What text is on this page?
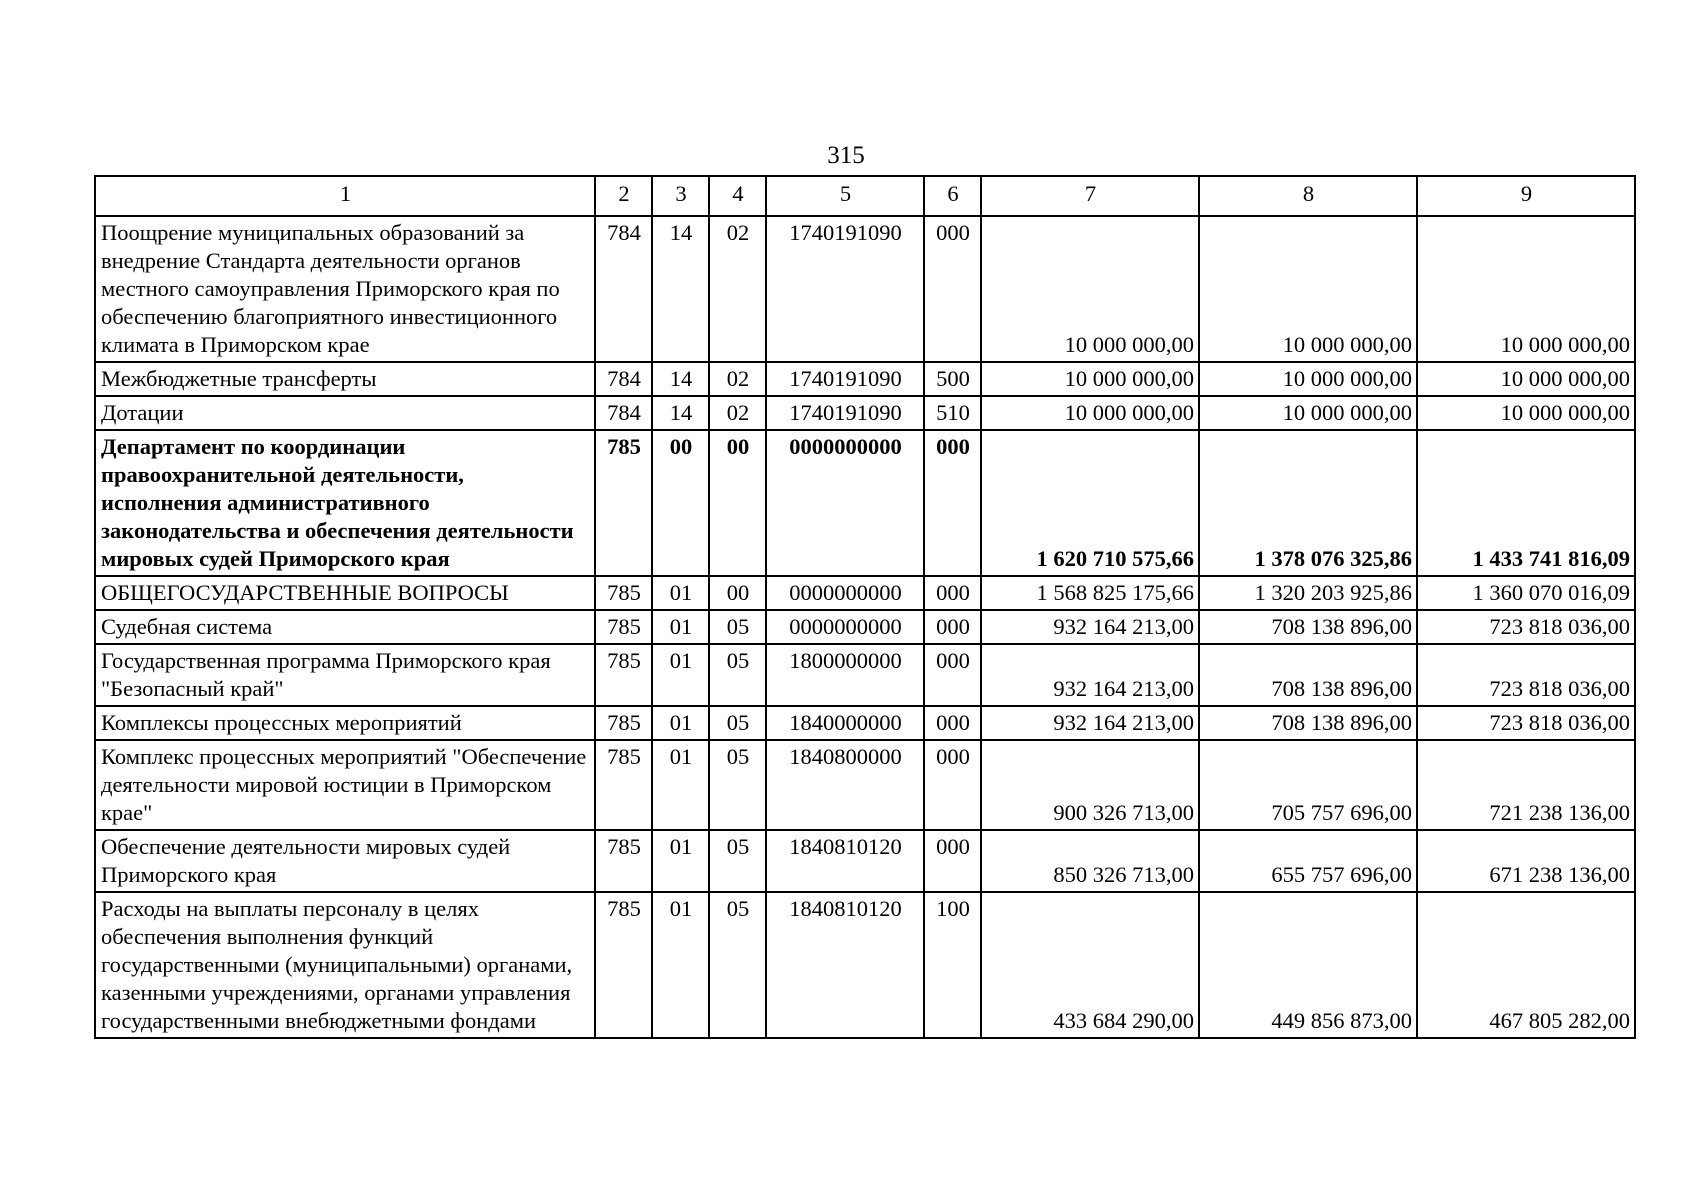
315
1	2	3	4	5	6	7	8	9
Поощрение муниципальных образований за внедрение Стандарта деятельности органов местного самоуправления Приморского края по обеспечению благоприятного инвестиционного климата в Приморском крае	784	14	02	1740191090	000	10 000 000,00	10 000 000,00	10 000 000,00
Межбюджетные трансферты	784	14	02	1740191090	500	10 000 000,00	10 000 000,00	10 000 000,00
Дотации	784	14	02	1740191090	510	10 000 000,00	10 000 000,00	10 000 000,00
Департамент по координации правоохранительной деятельности, исполнения административного законодательства и обеспечения деятельности мировых судей Приморского края	785	00	00	0000000000	000	1 620 710 575,66	1 378 076 325,86	1 433 741 816,09
ОБЩЕГОСУДАРСТВЕННЫЕ ВОПРОСЫ	785	01	00	0000000000	000	1 568 825 175,66	1 320 203 925,86	1 360 070 016,09
Судебная система	785	01	05	0000000000	000	932 164 213,00	708 138 896,00	723 818 036,00
Государственная программа Приморского края "Безопасный край"	785	01	05	1800000000	000	932 164 213,00	708 138 896,00	723 818 036,00
Комплексы процессных мероприятий	785	01	05	1840000000	000	932 164 213,00	708 138 896,00	723 818 036,00
Комплекс процессных мероприятий "Обеспечение деятельности мировой юстиции в Приморском крае"	785	01	05	1840800000	000	900 326 713,00	705 757 696,00	721 238 136,00
Обеспечение деятельности мировых судей Приморского края	785	01	05	1840810120	000	850 326 713,00	655 757 696,00	671 238 136,00
Расходы на выплаты персоналу в целях обеспечения выполнения функций государственными (муниципальными) органами, казенными учреждениями, органами управления государственными внебюджетными фондами	785	01	05	1840810120	100	433 684 290,00	449 856 873,00	467 805 282,00
